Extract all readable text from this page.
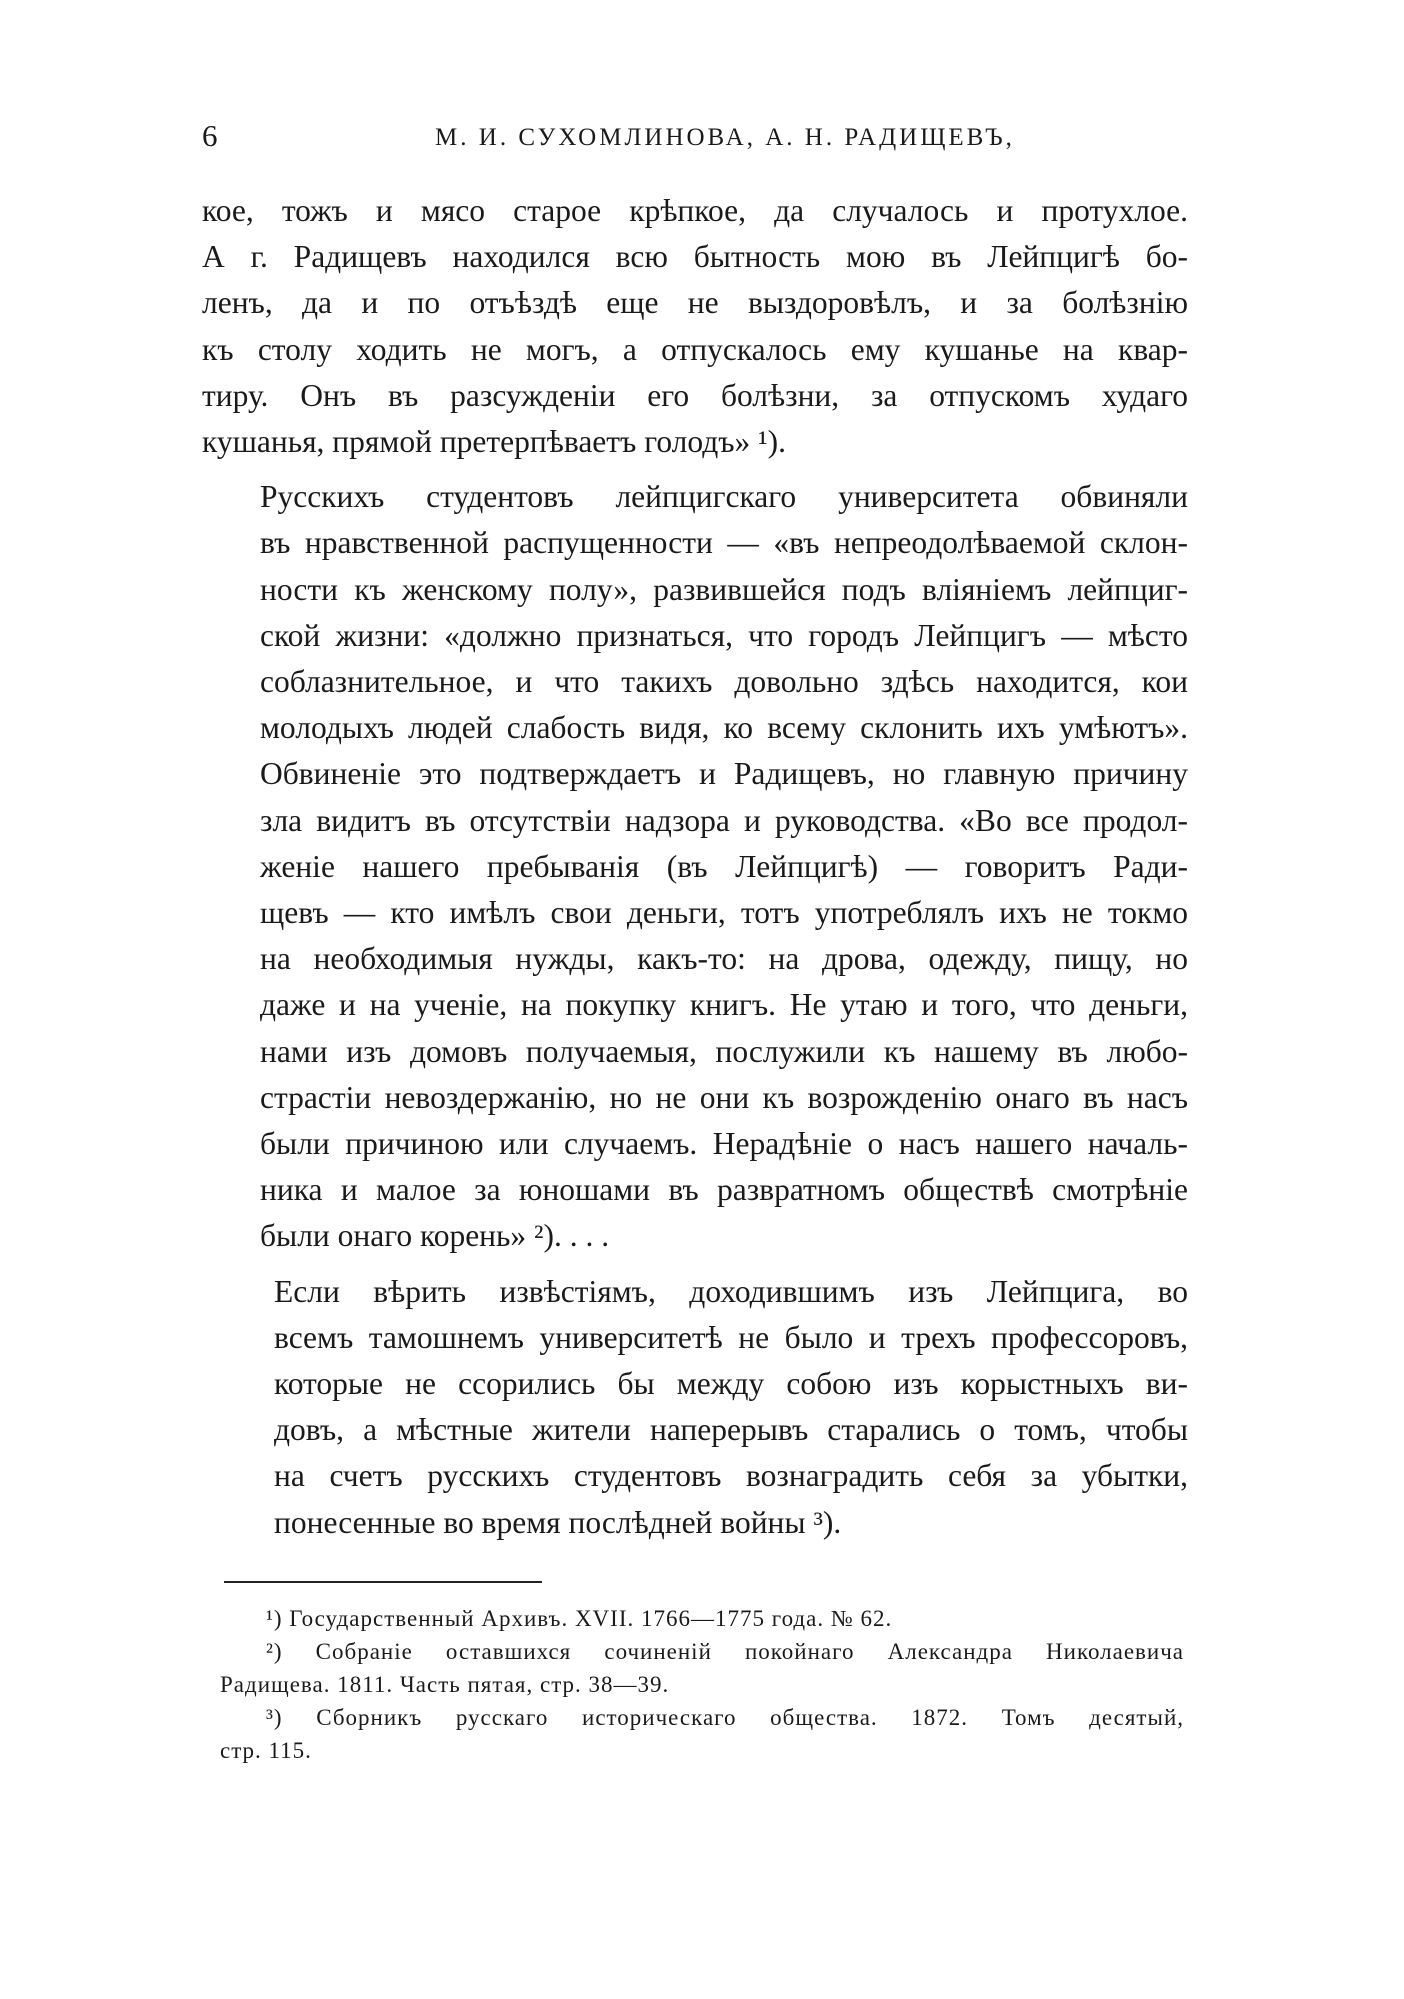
6	М. И. СУХОМЛИНОВА, А. Н. РАДИЩЕВЪ,

кое, тожъ и мясо старое крѣпкое, да случалось и протухлое.
А г. Радищевъ находился всю бытность мою въ Лейпцигѣ бо-
ленъ, да и по отъѣздѣ еще не выздоровѣлъ, и за болѣзнію
къ столу ходить не могъ, а отпускалось ему кушанье на квар-
тиру. Онъ въ разсужденіи его болѣзни, за отпускомъ худаго
кушанья, прямой претерпѣваетъ голодъ» ¹).

Русскихъ студентовъ лейпцигскаго университета обвиняли
въ нравственной распущенности — «въ непреодолѣваемой склон-
ности къ женскому полу», развившейся подъ вліяніемъ лейпциг-
ской жизни: «должно признаться, что городъ Лейпцигъ — мѣсто
соблазнительное, и что такихъ довольно здѣсь находится, кои
молодыхъ людей слабость видя, ко всему склонить ихъ умѣютъ».
Обвиненіе это подтверждаетъ и Радищевъ, но главную причину
зла видитъ въ отсутствіи надзора и руководства. «Во все продол-
женіе нашего пребыванія (въ Лейпцигѣ) — говоритъ Ради-
щевъ — кто имѣлъ свои деньги, тотъ употреблялъ ихъ не токмо
на необходимыя нужды, какъ-то: на дрова, одежду, пищу, но
даже и на ученіе, на покупку книгъ. Не утаю и того, что деньги,
нами изъ домовъ получаемыя, послужили къ нашему въ любо-
страстіи невоздержанію, но не они къ возрожденію онаго въ насъ
были причиною или случаемъ. Нерадѣніе о насъ нашего началь-
ника и малое за юношами въ развратномъ обществѣ смотрѣніе
были онаго корень» ²). . . .

Если вѣрить извѣстіямъ, доходившимъ изъ Лейпцига, во
всемъ тамошнемъ университетѣ не было и трехъ профессоровъ,
которые не ссорились бы между собою изъ корыстныхъ ви-
довъ, а мѣстные жители наперерывъ старались о томъ, чтобы
на счетъ русскихъ студентовъ вознаградить себя за убытки,
понесенные во время послѣдней войны ³).

¹) Государственный Архивъ. XVII. 1766—1775 года. № 62.
²) Собраніе оставшихся сочиненій покойнаго Александра Николаевича
Радищева. 1811. Часть пятая, стр. 38—39.
³) Сборникъ русскаго историческаго общества. 1872. Томъ десятый,
стр. 115.
